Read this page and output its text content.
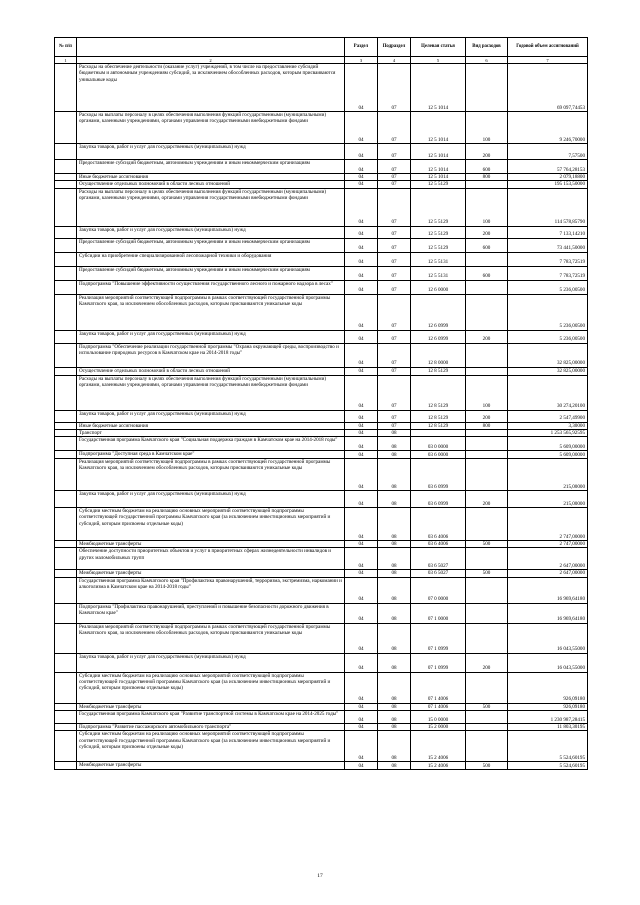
№ п/п		Раздел	Подраздел	Целевая статья	Вид расходов	Годовой объем ассигнований
1	2	3	4	5	6	7
	Расходы на обеспечение деятельности (оказание услуг) учреждений, в том числе на предоставление субсидий бюджетным и автономным учреждениям субсидий, за исключением обособленных расходов, которым присваиваются уникальные коды	04	07	12 5 1014		69 097,74453
	Расходы на выплаты персоналу в целях обеспечения выполнения функций государственными (муниципальными) органами, казенными учреждениями, органами управления государственными внебюджетными фондами	04	07	12 5 1014	100	9 246,70000
	Закупка товаров, работ и услуг для государственных (муниципальных) нужд	04	07	12 5 1014	200	7,57500
	Предоставление субсидий бюджетным, автономным учреждениям и иным некоммерческим организациям	04	07	12 5 1014	600	57 764,28153
	Иные бюджетные ассигнования	04	07	12 5 1014	800	2 079,18800
	Осуществление отдельных полномочий в области лесных отношений	04	07	12 5 5129		195 153,50000
	Расходы на выплаты персоналу в целях обеспечения выполнения функций государственными (муниципальными) органами, казенными учреждениями, органами управления государственными внебюджетными фондами	04	07	12 5 5129	100	114 578,85790
	Закупка товаров, работ и услуг для государственных (муниципальных) нужд	04	07	12 5 5129	200	7 133,14210
	Предоставление субсидий бюджетным, автономным учреждениям и иным некоммерческим организациям	04	07	12 5 5129	600	73 441,50000
	Субсидии на приобретение специализированной лесопожарной техники и оборудования	04	07	12 5 5131		7 783,72519
	Предоставление субсидий бюджетным, автономным учреждениям и иным некоммерческим организациям	04	07	12 5 5131	600	7 783,72519
	Подпрограмма "Повышение эффективности осуществления государственного лесного и пожарного надзора в лесах"	04	07	12 6 0000		5 236,00500
	Реализация мероприятий соответствующей подпрограммы в рамках соответствующей государственной программы Камчатского края, за исключением обособленных расходов, которым присваиваются уникальные коды	04	07	12 6 0999		5 236,00500
	Закупка товаров, работ и услуг для государственных (муниципальных) нужд	04	07	12 6 0999	200	5 236,00500
	Подпрограмма "Обеспечение реализации государственной программы "Охрана окружающей среды, воспроизводство и использование природных ресурсов в Камчатском крае на 2014-2018 годы"	04	07	12 8 0000		32 825,00000
	Осуществление отдельных полномочий в области лесных отношений	04	07	12 8 5129		32 825,00000
	Расходы на выплаты персоналу в целях обеспечения выполнения функций государственными (муниципальными) органами, казенными учреждениями, органами управления государственными внебюджетными фондами	04	07	12 8 5129	100	30 274,20100
	Закупка товаров, работ и услуг для государственных (муниципальных) нужд	04	07	12 8 5129	200	2 547,49900
	Иные бюджетные ассигнования	04	07	12 8 5129	800	3,30000
	Транспорт	04	08			1 253 565,92595
	Государственная программа Камчатского края "Социальная поддержка граждан в Камчатском крае на 2014-2018 годы"	04	08	03 0 0000		5 609,00000
	Подпрограмма "Доступная среда в Камчатском крае"	04	08	03 6 0000		5 609,00000
	Реализация мероприятий соответствующей подпрограммы в рамках соответствующей государственной программы Камчатского края, за исключением обособленных расходов, которым присваиваются уникальные коды	04	08	03 6 0999		215,00000
	Закупка товаров, работ и услуг для государственных (муниципальных) нужд	04	08	03 6 0999	200	215,00000
	Субсидии местным бюджетам на реализацию основных мероприятий соответствующей подпрограммы соответствующей государственной программы Камчатского края (за исключением инвестиционных мероприятий и субсидий, которым присвоены отдельные коды)	04	08	03 6 4006		2 747,00000
	Межбюджетные трансферты	04	08	03 6 4006	500	2 747,00000
	Обеспечение доступности приоритетных объектов и услуг в приоритетных сферах жизнедеятельности инвалидов и других маломобильных групп	04	08	03 6 5027		2 647,00000
	Межбюджетные трансферты	04	08	03 6 5027	500	2 647,00000
	Государственная программа Камчатского края "Профилактика правонарушений, терроризма, экстремизма, наркомании и алкоголизма в Камчатском крае на 2014-2018 годы"	04	08	07 0 0000		16 969,64180
	Подпрограмма "Профилактика правонарушений, преступлений и повышение безопасности дорожного движения в Камчатском крае"	04	08	07 1 0000		16 969,64180
	Реализация мероприятий соответствующей подпрограммы в рамках соответствующей государственной программы Камчатского края, за исключением обособленных расходов, которым присваиваются уникальные коды	04	08	07 1 0999		16 043,55000
	Закупка товаров, работ и услуг для государственных (муниципальных) нужд	04	08	07 1 0999	200	16 043,55000
	Субсидии местным бюджетам на реализацию основных мероприятий соответствующей подпрограммы соответствующей государственной программы Камчатского края (за исключением инвестиционных мероприятий и субсидий, которым присвоены отдельные коды)	04	08	07 1 4006		926,09180
	Межбюджетные трансферты	04	08	07 1 4006	500	926,09180
	Государственная программа Камчатского края "Развитие транспортной системы в Камчатском крае на 2014-2025 годы"	04	08	15 0 0000		1 230 987,28415
	Подпрограмма "Развитие пассажирского автомобильного транспорта"	04	08	15 2 0000		11 803,30195
	Субсидии местным бюджетам на реализацию основных мероприятий соответствующей подпрограммы соответствующей государственной программы Камчатского края (за исключением инвестиционных мероприятий и субсидий, которым присвоены отдельные коды)	04	08	15 2 4006		5 524,60195
	Межбюджетные трансферты	04	08	15 2 4006	500	5 524,60195
17
